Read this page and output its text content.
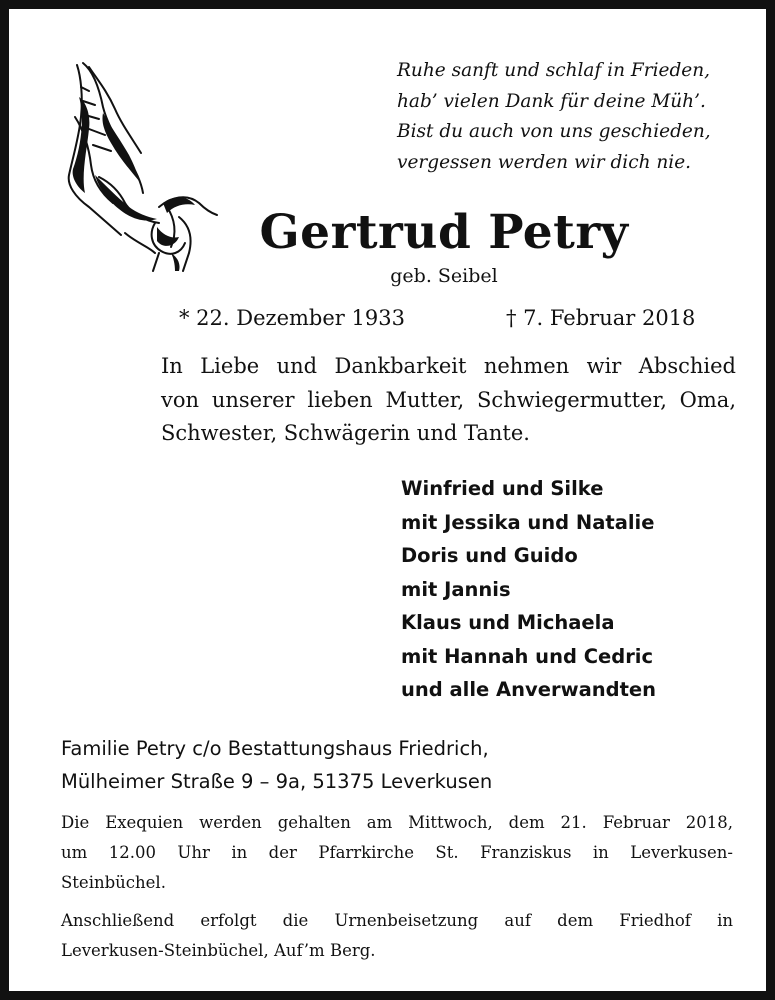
Ruhe sanft und schlaf in Frieden,
hab’ vielen Dank für deine Müh’.
Bist du auch von uns geschieden,
vergessen werden wir dich nie.
Gertrud Petry
geb. Seibel
* 22. Dezember 1933	† 7. Februar 2018
In Liebe und Dankbarkeit nehmen wir Abschied
von unserer lieben Mutter, Schwiegermutter, Oma,
Schwester, Schwägerin und Tante.
Winfried und Silke
mit Jessika und Natalie
Doris und Guido
mit Jannis
Klaus und Michaela
mit Hannah und Cedric
und alle Anverwandten
Familie Petry c/o Bestattungshaus Friedrich,
Mülheimer Straße 9 – 9a, 51375 Leverkusen
Die Exequien werden gehalten am Mittwoch, dem 21. Februar 2018,
um 12.00 Uhr in der Pfarrkirche St. Franziskus in Leverkusen-
Steinbüchel.
Anschließend erfolgt die Urnenbeisetzung auf dem Friedhof in
Leverkusen-Steinbüchel, Auf’m Berg.
